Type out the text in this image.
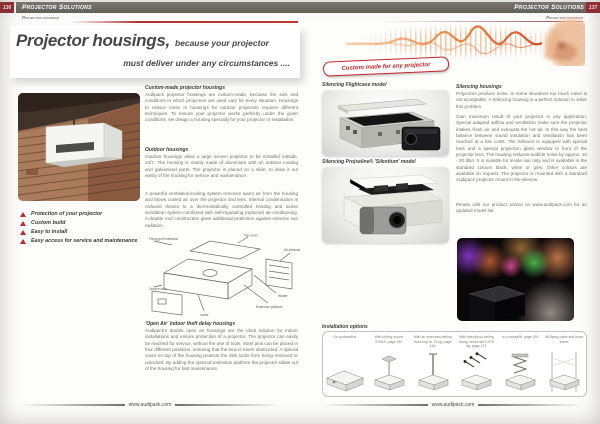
136	Projector Solutions
Projector housings
Projector Solutions 137
Projector housings
Projector housings, because your projector
must deliver under any circumstances ....
Protection of your projector
Custom build
Easy to install
Easy access for service and maintenance
Custom-made projector housings
Audipack projector housings are custom-made, because the size and conditions in which projectors are used vary for every situation. Housings to reduce noise or housings for outdoor projection requires different techniques. To ensure your projector works perfectly under the given conditions, we design a housing specially for your projector or installation.
Outdoor housings
Outdoor housings allow a large screen projector to be installed outside, 24/7. The housing is mainly made of aluminium with an outdoor coating and galvanised parts. The projector is placed on a slide, to draw it out easily of the housing for service and maintenance.
A powerful ventilation/cooling system removes warm air from the housing and blows cooled air over the projector and lens. Internal condensation is reduced thanks to a thermostatically controlled heating and active ventilation system combined with self-regulating (optional) air-conditioning. A double roof construction gives additional protection against extreme sun radiation.
Fixing grid extension
Top cover
Air exhaust
Heater
Extension platform
Locks
Service door
'Open Air' indoor theft delay housings
Audipack's double open air housings are the ideal solution for indoor installations and ensure protection of a projector. The projector can easily be reached for service, without the use of tools. Steel pins can be placed in four different positions, ensuring that the lens is never obstructed. A special cover on top of the housing protects the dish locks from being removed or unlocked. By adding the optional extension platform the projector slides out of the housing for fast maintenance.
Custom made for any projector
Silencing Flightcase model
Silencing Projseline® 'Silentium' model
Silencing housings
Projectors produce noise. In some situations too much noise is not acceptable. A Silencing housing is a perfect solution to solve this problem.
Gain maximum result of your projector in any application. Special adapted airflow and ventilation make sure the projector intakes fresh air and exhausts the hot air. In this way the best balance between sound insulation and ventilation has been reached at a low costs. The Silencer is equipped with special fans and a special projection glass window in front of the projector lens. The housing reduces audible noise by approx. 10 - 20 dBA. It is suitable for inside use only and is available in the standard colours black, white or grey. Other colours are available on request. The projector is mounted with a standard Audipack projector mount in the silencer.
Please visit our product wizard on www.audipack.com for an updated model list.
Installation options
On surface/bar	With ceiling mount 970SA, page 142
With an extended ceiling mount up to 74 kg, page 144
With fixed/pivot ceiling swing mount set 0-575 kg, page 147
In a string/lift, page 150	All flying cable and truss frame
www.audipack.com	www.audipack.com
